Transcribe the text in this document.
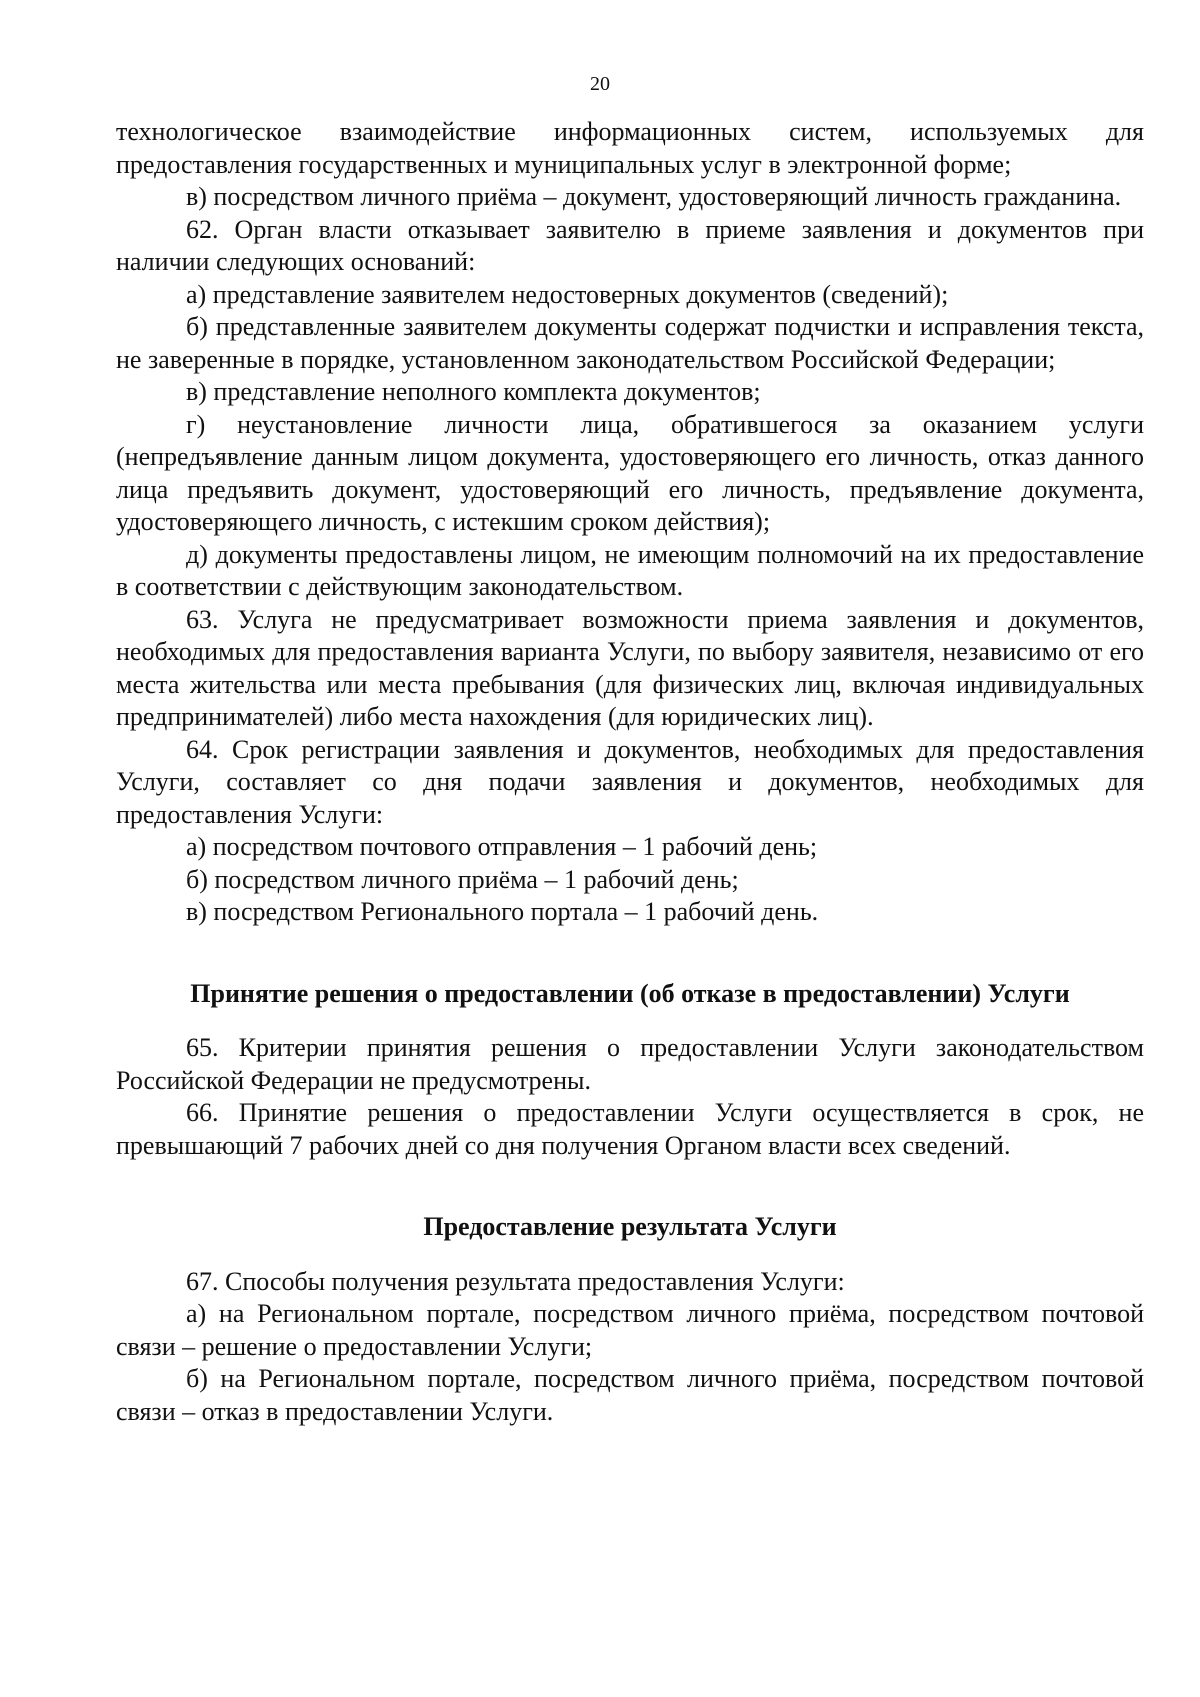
20

технологическое взаимодействие информационных систем, используемых для предоставления государственных и муниципальных услуг в электронной форме;

в) посредством личного приёма – документ, удостоверяющий личность гражданина.

62. Орган власти отказывает заявителю в приеме заявления и документов при наличии следующих оснований:

а) представление заявителем недостоверных документов (сведений);

б) представленные заявителем документы содержат подчистки и исправления текста, не заверенные в порядке, установленном законодательством Российской Федерации;

в) представление неполного комплекта документов;

г) неустановление личности лица, обратившегося за оказанием услуги (непредъявление данным лицом документа, удостоверяющего его личность, отказ данного лица предъявить документ, удостоверяющий его личность, предъявление документа, удостоверяющего личность, с истекшим сроком действия);

д) документы предоставлены лицом, не имеющим полномочий на их предоставление в соответствии с действующим законодательством.

63. Услуга не предусматривает возможности приема заявления и документов, необходимых для предоставления варианта Услуги, по выбору заявителя, независимо от его места жительства или места пребывания (для физических лиц, включая индивидуальных предпринимателей) либо места нахождения (для юридических лиц).

64. Срок регистрации заявления и документов, необходимых для предоставления Услуги, составляет со дня подачи заявления и документов, необходимых для предоставления Услуги:

а) посредством почтового отправления – 1 рабочий день;

б) посредством личного приёма – 1 рабочий день;

в) посредством Регионального портала – 1 рабочий день.

Принятие решения о предоставлении (об отказе в предоставлении) Услуги

65. Критерии принятия решения о предоставлении Услуги законодательством Российской Федерации не предусмотрены.

66. Принятие решения о предоставлении Услуги осуществляется в срок, не превышающий 7 рабочих дней со дня получения Органом власти всех сведений.

Предоставление результата Услуги

67. Способы получения результата предоставления Услуги:

а) на Региональном портале, посредством личного приёма, посредством почтовой связи – решение о предоставлении Услуги;

б) на Региональном портале, посредством личного приёма, посредством почтовой связи – отказ в предоставлении Услуги.
